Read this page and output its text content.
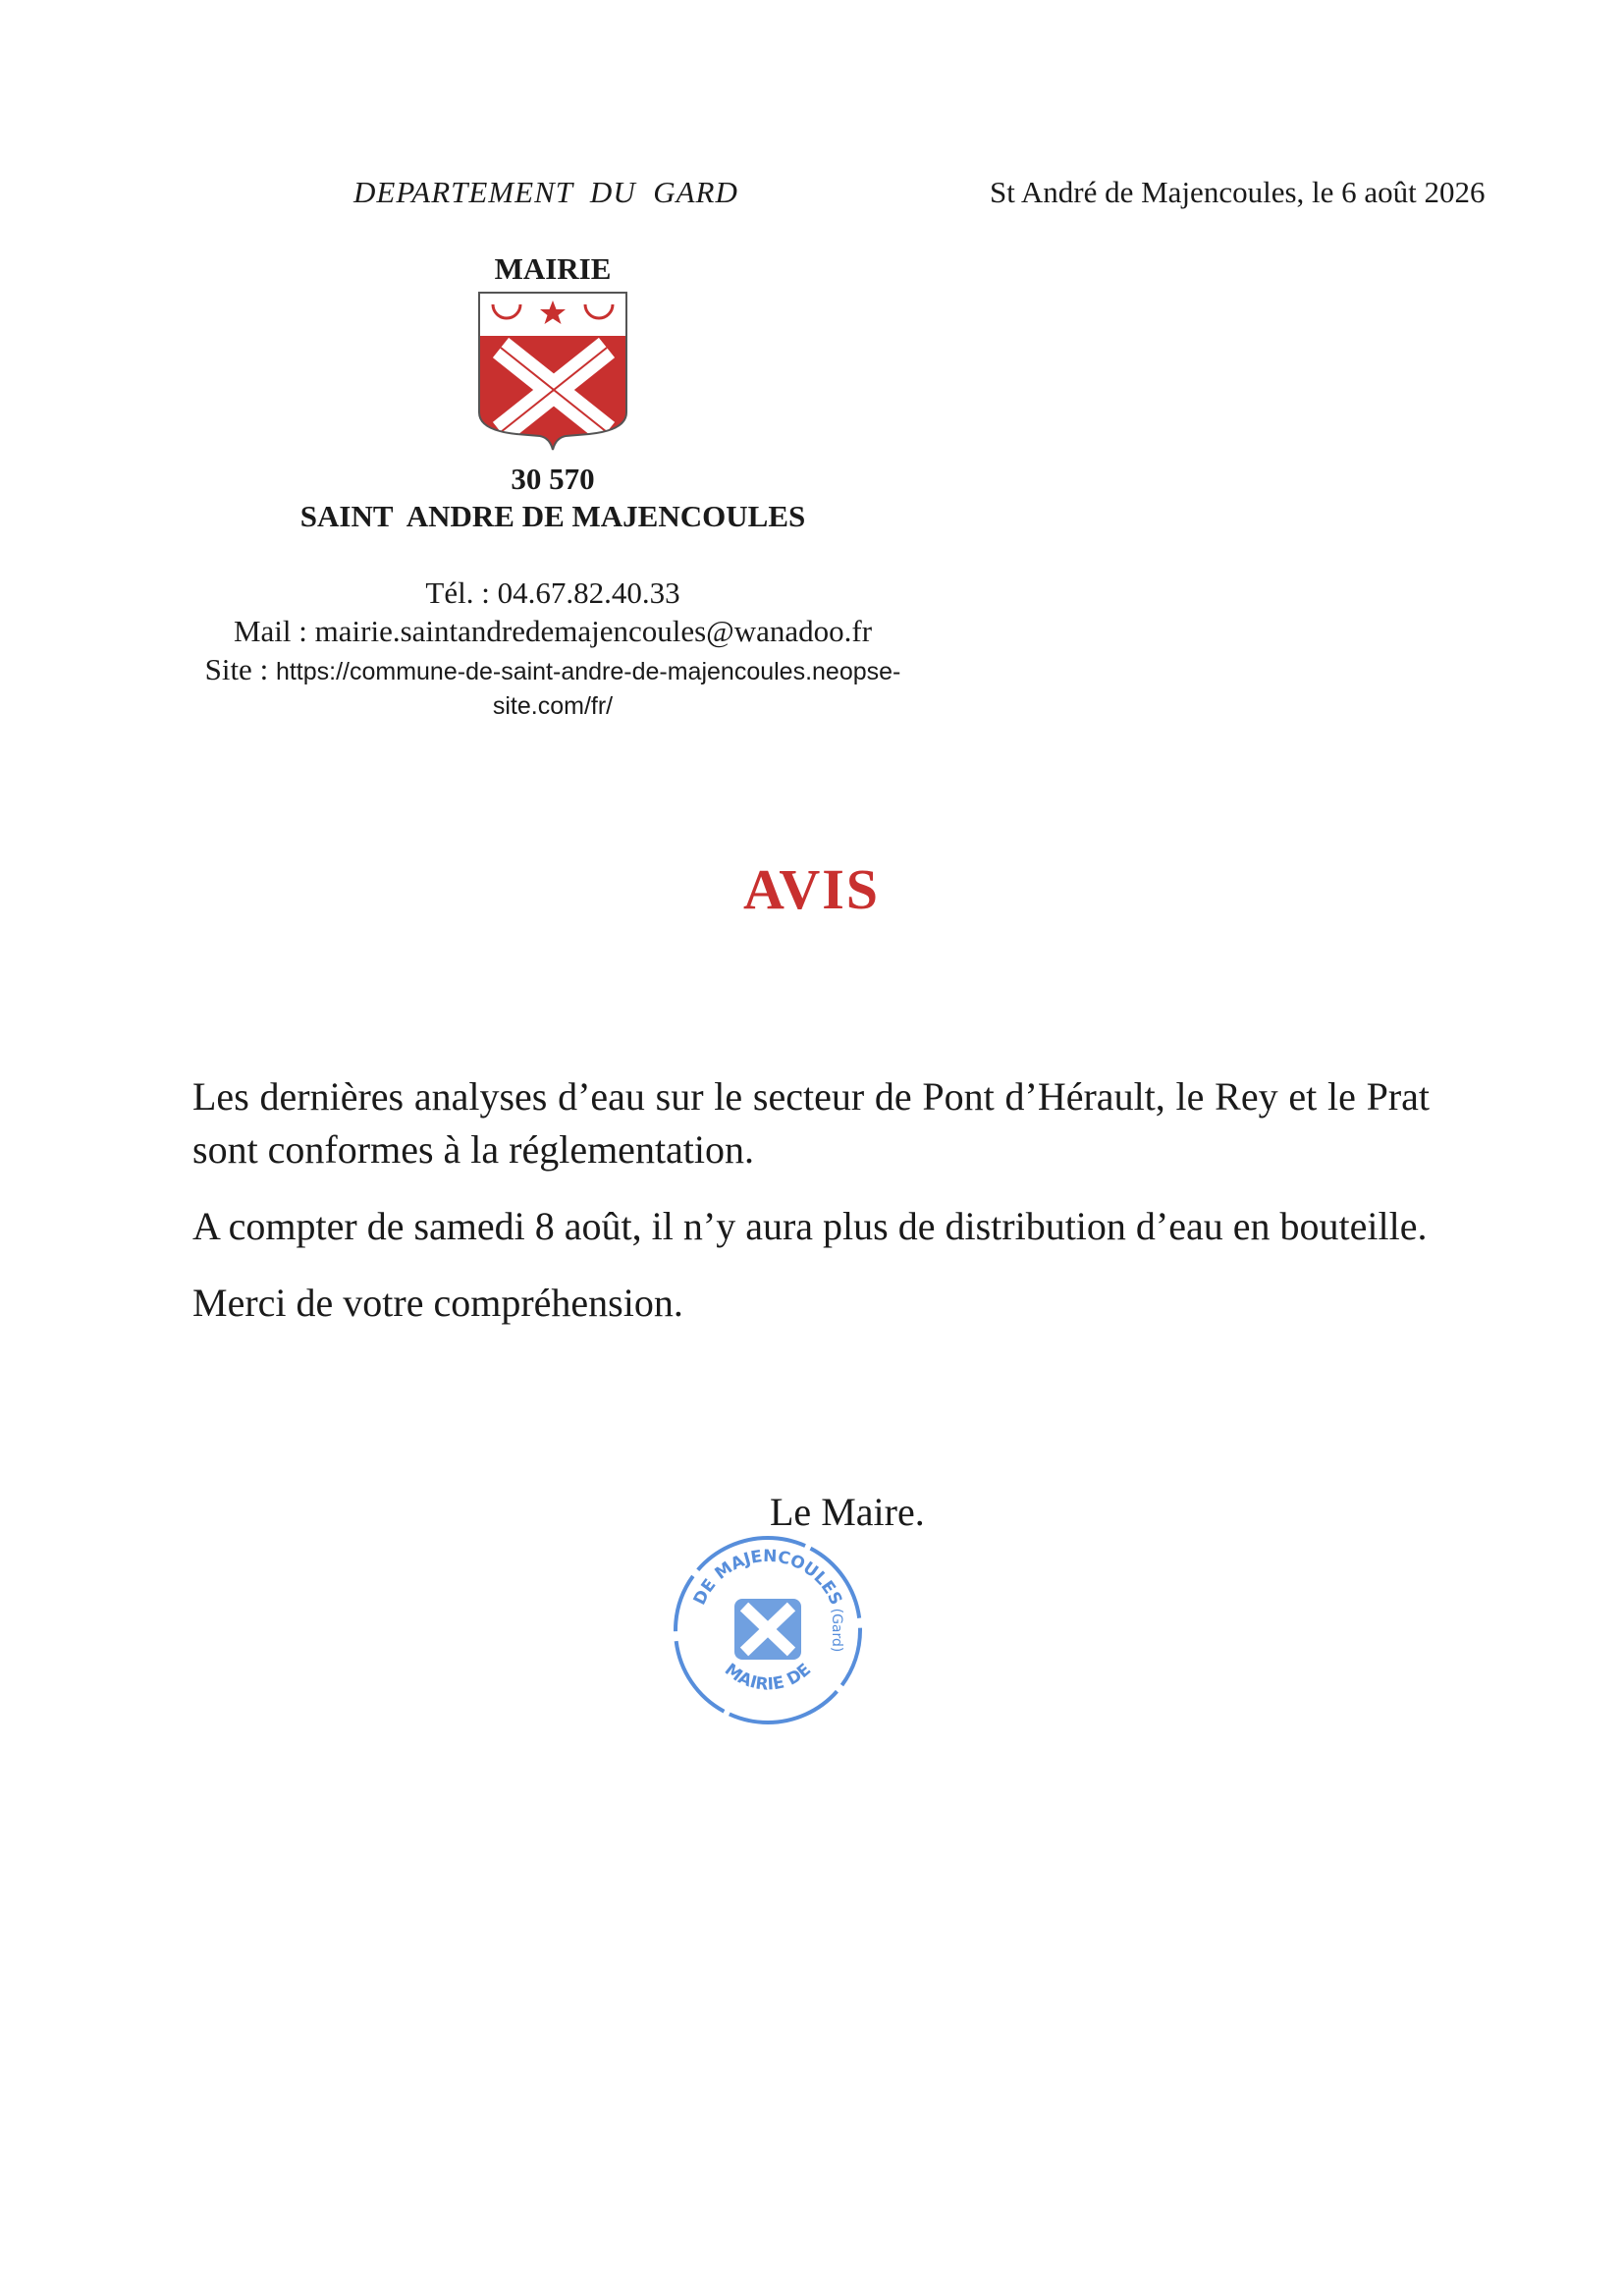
DEPARTEMENT  DU  GARD	St André de Majencoules, le 6 août 2026
MAIRIE
30 570
SAINT  ANDRE DE MAJENCOULES
Tél. : 04.67.82.40.33
Mail : mairie.saintandredemajencoules@wanadoo.fr
Site : https://commune-de-saint-andre-de-majencoules.neopse-
site.com/fr/
AVIS

Les dernières analyses d’eau sur le secteur de Pont d’Hérault, le Rey et le Prat sont conformes à la réglementation.

A compter de samedi 8 août, il n’y aura plus de distribution d’eau en bouteille.

Merci de votre compréhension.

Le Maire.
DE MAJENCOULES
MAIRIE DE
(Gard)
